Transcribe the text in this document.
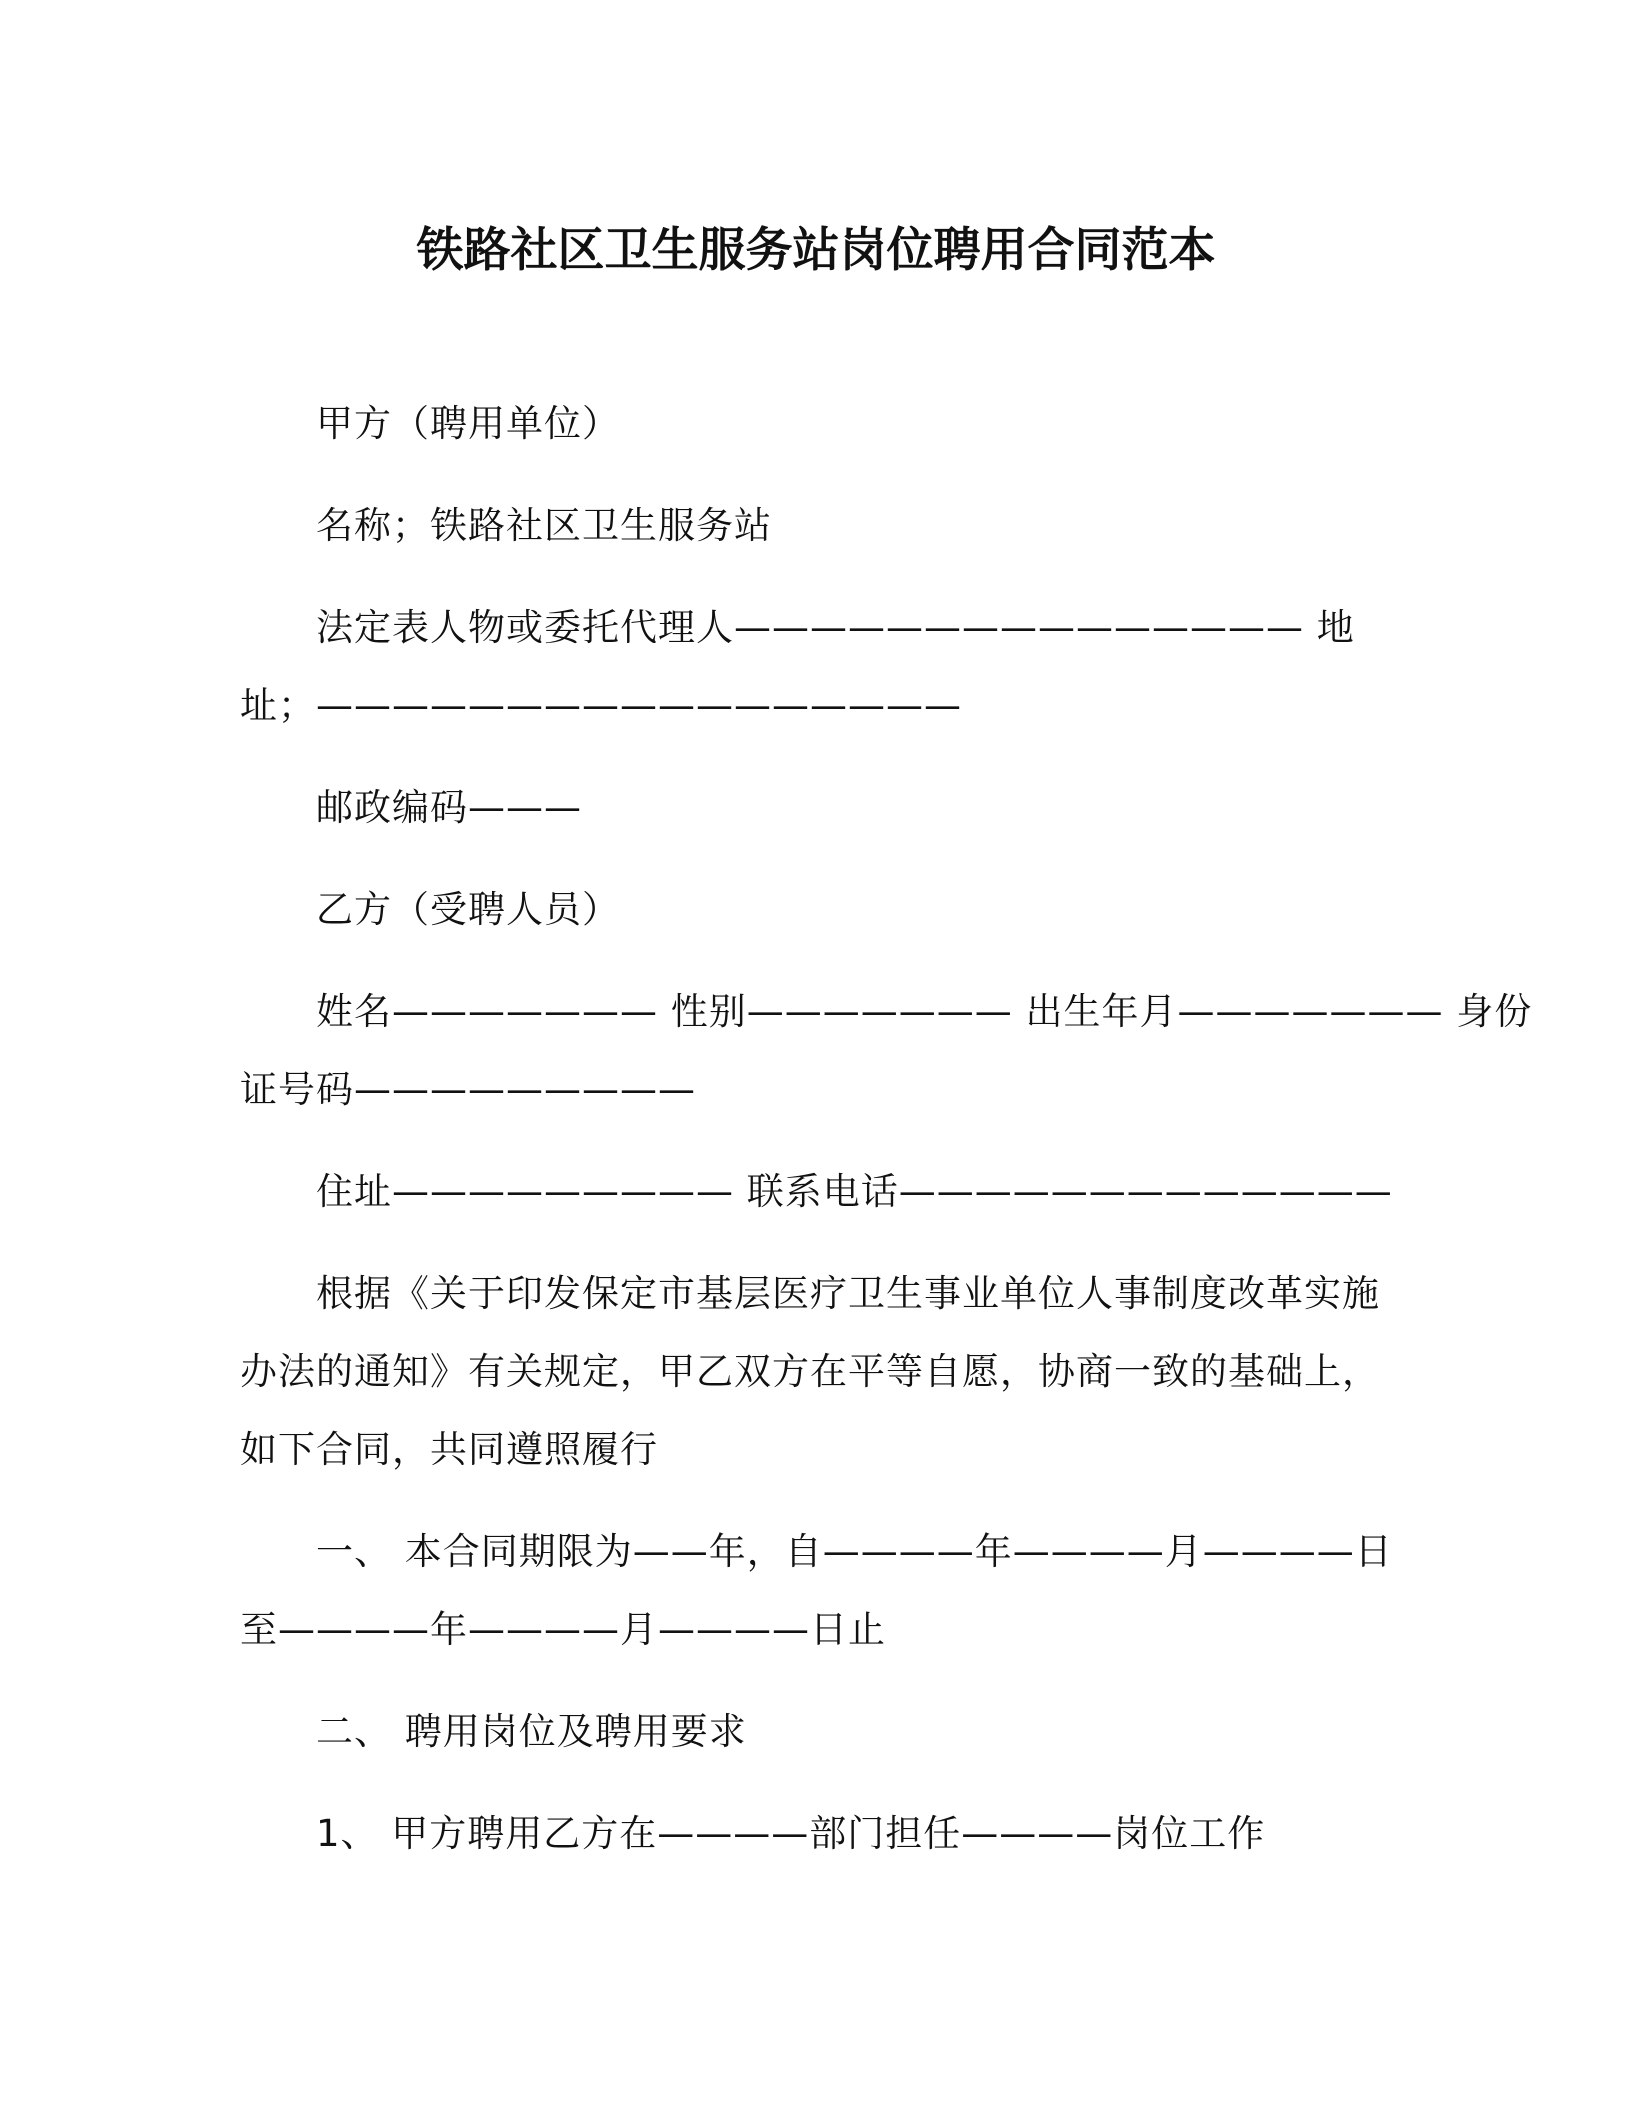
铁路社区卫生服务站岗位聘用合同范本
甲方（聘用单位）
名称；铁路社区卫生服务站
法定表人物或委托代理人——————————————— 地
址；—————————————————
邮政编码———
乙方（受聘人员）
姓名——————— 性别——————— 出生年月——————— 身份
证号码—————————
住址————————— 联系电话—————————————
根据《关于印发保定市基层医疗卫生事业单位人事制度改革实施
办法的通知》有关规定，甲乙双方在平等自愿，协商一致的基础上，
如下合同，共同遵照履行
一、 本合同期限为——年，自————年————月————日
至————年————月————日止
二、 聘用岗位及聘用要求
1、 甲方聘用乙方在————部门担任————岗位工作
